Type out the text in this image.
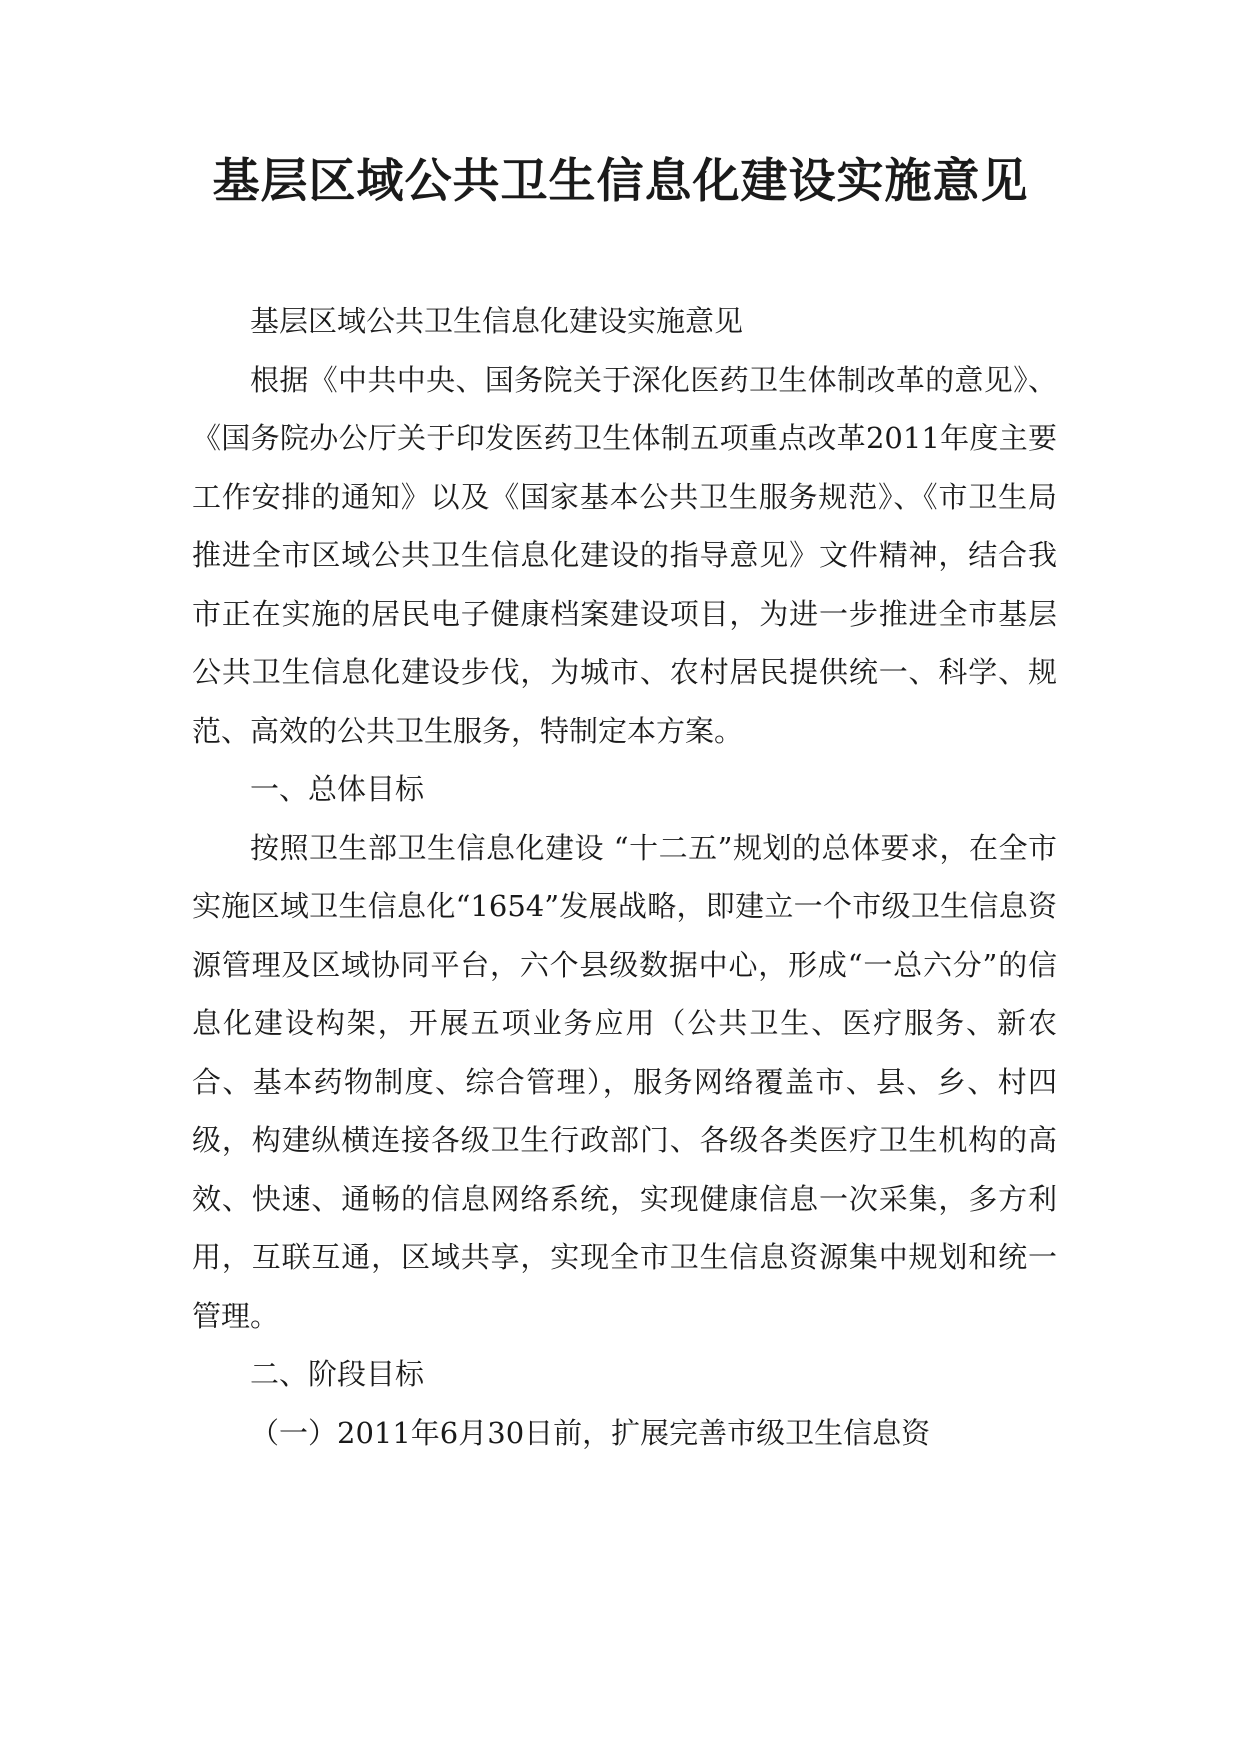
基层区域公共卫生信息化建设实施意见

基层区域公共卫生信息化建设实施意见

根据《中共中央、国务院关于深化医药卫生体制改革的意见》、《国务院办公厅关于印发医药卫生体制五项重点改革2011年度主要工作安排的通知》以及《国家基本公共卫生服务规范》、《市卫生局推进全市区域公共卫生信息化建设的指导意见》文件精神，结合我市正在实施的居民电子健康档案建设项目，为进一步推进全市基层公共卫生信息化建设步伐，为城市、农村居民提供统一、科学、规范、高效的公共卫生服务，特制定本方案。

一、总体目标

按照卫生部卫生信息化建设 “十二五”规划的总体要求，在全市实施区域卫生信息化“1654”发展战略，即建立一个市级卫生信息资源管理及区域协同平台，六个县级数据中心，形成“一总六分”的信息化建设构架，开展五项业务应用（公共卫生、医疗服务、新农合、基本药物制度、综合管理），服务网络覆盖市、县、乡、村四级，构建纵横连接各级卫生行政部门、各级各类医疗卫生机构的高效、快速、通畅的信息网络系统，实现健康信息一次采集，多方利用，互联互通，区域共享，实现全市卫生信息资源集中规划和统一管理。

二、阶段目标

（一）2011年6月30日前，扩展完善市级卫生信息资
